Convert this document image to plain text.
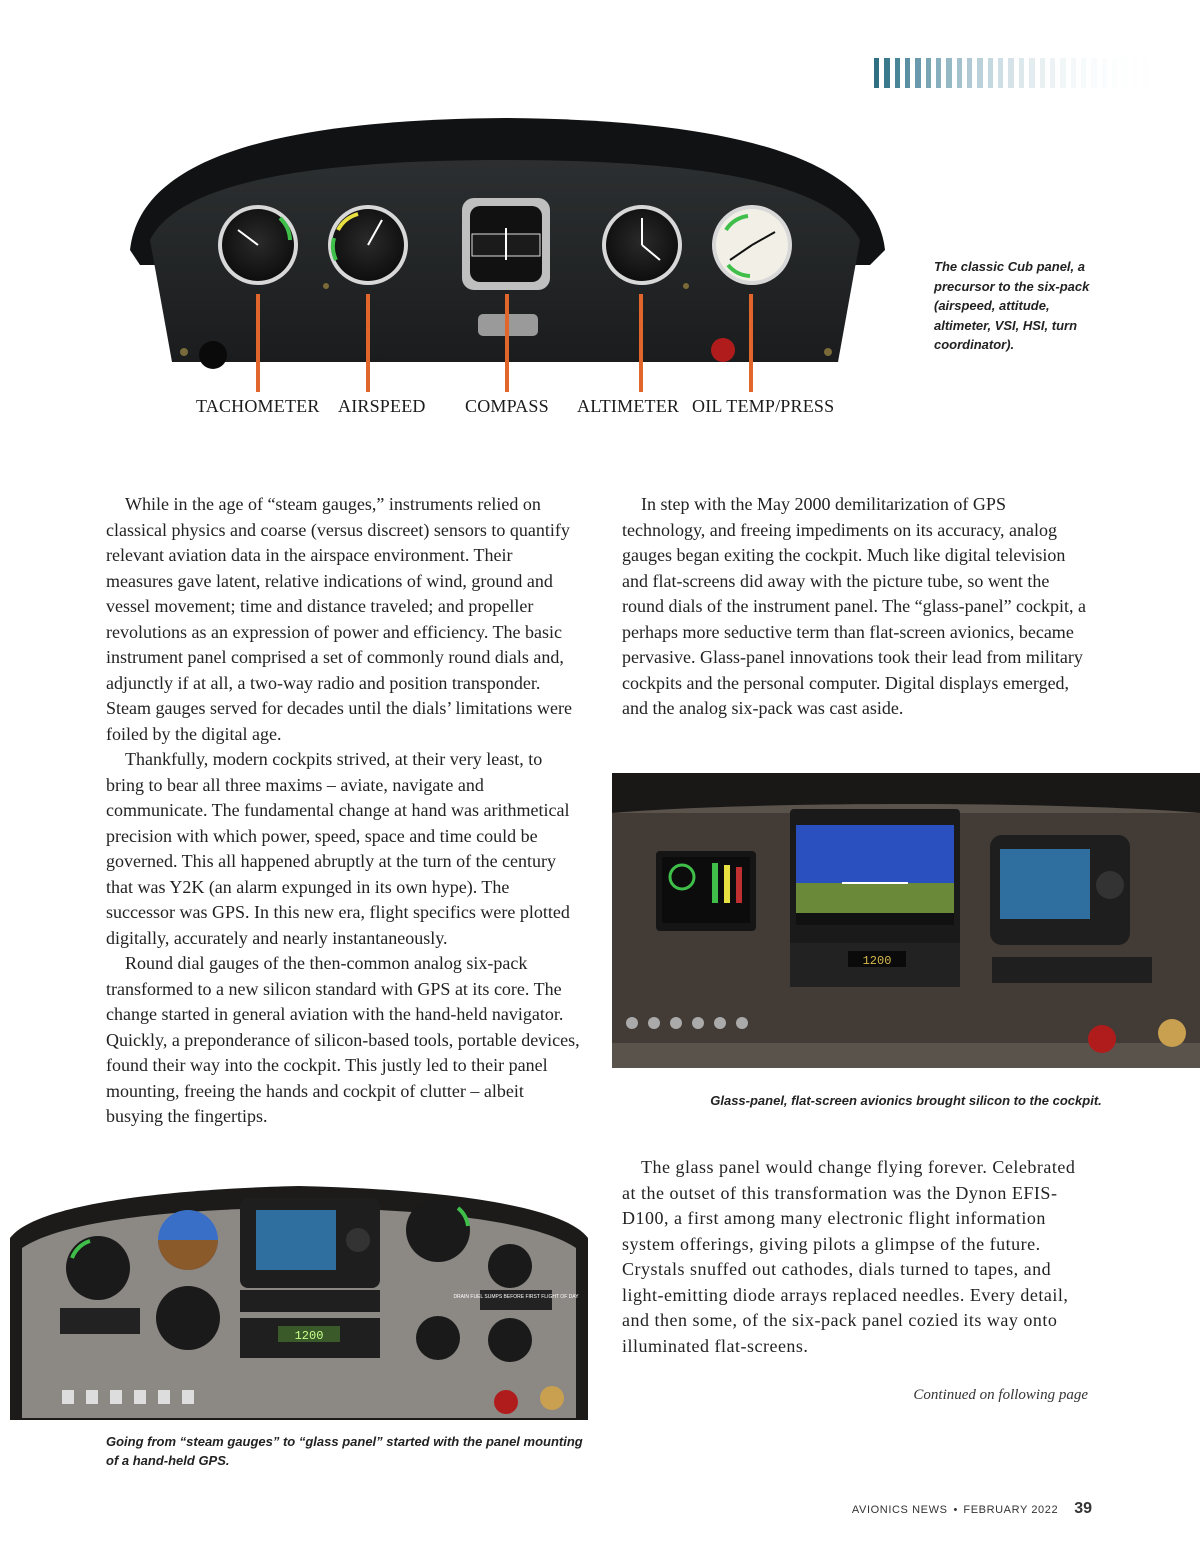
TACHOMETER AIRSPEED COMPASS ALTIMETER OIL TEMP/PRESS
The classic Cub panel, a precursor to the six-pack (airspeed, attitude, altimeter, VSI, HSI, turn coordinator).

While in the age of “steam gauges,” instruments relied on classical physics and coarse (versus discreet) sensors to quantify relevant aviation data in the airspace environment. Their measures gave latent, relative indications of wind, ground and vessel movement; time and distance traveled; and propeller revolutions as an expression of power and efficiency. The basic instrument panel comprised a set of commonly round dials and, adjunctly if at all, a two-way radio and position transponder. Steam gauges served for decades until the dials’ limitations were foiled by the digital age.

Thankfully, modern cockpits strived, at their very least, to bring to bear all three maxims – aviate, navigate and communicate. The fundamental change at hand was arithmetical precision with which power, speed, space and time could be governed. This all happened abruptly at the turn of the century that was Y2K (an alarm expunged in its own hype). The successor was GPS. In this new era, flight specifics were plotted digitally, accurately and nearly instantaneously.

Round dial gauges of the then-common analog six-pack transformed to a new silicon standard with GPS at its core. The change started in general aviation with the hand-held navigator. Quickly, a preponderance of silicon-based tools, portable devices, found their way into the cockpit. This justly led to their panel mounting, freeing the hands and cockpit of clutter – albeit busying the fingertips.

In step with the May 2000 demilitarization of GPS technology, and freeing impediments on its accuracy, analog gauges began exiting the cockpit. Much like digital television and flat-screens did away with the picture tube, so went the round dials of the instrument panel. The “glass-panel” cockpit, a perhaps more seductive term than flat-screen avionics, became pervasive. Glass-panel innovations took their lead from military cockpits and the personal computer. Digital displays emerged, and the analog six-pack was cast aside.

1200
Glass-panel, flat-screen avionics brought silicon to the cockpit.

The glass panel would change flying forever. Celebrated at the outset of this transformation was the Dynon EFIS-D100, a first among many electronic flight information system offerings, giving pilots a glimpse of the future. Crystals snuffed out cathodes, dials turned to tapes, and light-emitting diode arrays replaced needles. Every detail, and then some, of the six-pack panel cozied its way onto illuminated flat-screens.

1200
DRAIN FUEL SUMPS BEFORE FIRST FLIGHT OF DAY
Going from “steam gauges” to “glass panel” started with the panel mounting of a hand-held GPS.
Continued on following page
AVIONICS NEWS • FEBRUARY 2022 39
